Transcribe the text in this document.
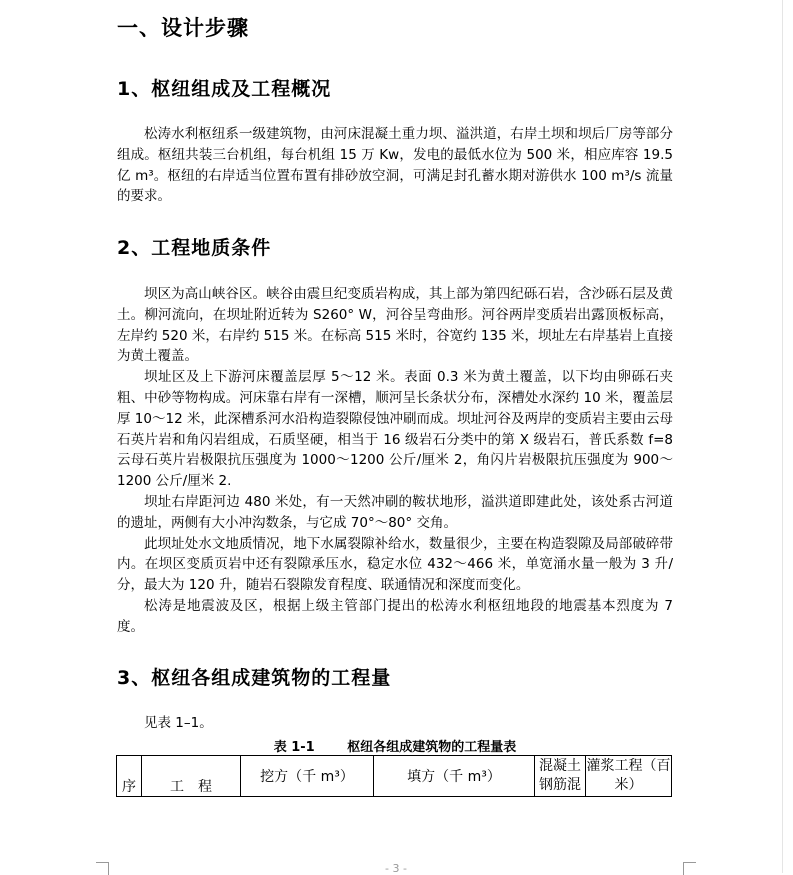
一、设计步骤
1、枢纽组成及工程概况

松涛水利枢纽系一级建筑物，由河床混凝土重力坝、溢洪道，右岸土坝和坝后厂房等部分组成。枢纽共装三台机组，每台机组 15 万 Kw，发电的最低水位为 500 米，相应库容 19.5 亿 m³。枢纽的右岸适当位置布置有排砂放空洞，可满足封孔蓄水期对游供水 100 m³/s 流量的要求。

2、工程地质条件

坝区为高山峡谷区。峡谷由震旦纪变质岩构成，其上部为第四纪砾石岩，含沙砾石层及黄土。柳河流向，在坝址附近转为 S260° W，河谷呈弯曲形。河谷两岸变质岩出露顶板标高，左岸约 520 米，右岸约 515 米。在标高 515 米时，谷宽约 135 米，坝址左右岸基岩上直接为黄土覆盖。

坝址区及上下游河床覆盖层厚 5～12 米。表面 0.3 米为黄土覆盖，以下均由卵砾石夹粗、中砂等物构成。河床靠右岸有一深槽，顺河呈长条状分布，深槽处水深约 10 米，覆盖层厚 10～12 米，此深槽系河水沿构造裂隙侵蚀冲刷而成。坝址河谷及两岸的变质岩主要由云母石英片岩和角闪岩组成，石质坚硬，相当于 16 级岩石分类中的第 X 级岩石，普氏系数 f=8 云母石英片岩极限抗压强度为 1000～1200 公斤/厘米 2，角闪片岩极限抗压强度为 900～1200 公斤/厘米 2.

坝址右岸距河边 480 米处，有一天然冲刷的鞍状地形，溢洪道即建此处，该处系古河道的遗址，两侧有大小冲沟数条，与它成 70°～80° 交角。

此坝址处水文地质情况，地下水属裂隙补给水，数量很少，主要在构造裂隙及局部破碎带内。在坝区变质页岩中还有裂隙承压水，稳定水位 432～466 米，单宽涌水量一般为 3 升/分，最大为 120 升，随岩石裂隙发育程度、联通情况和深度而变化。

松涛是地震波及区，根据上级主管部门提出的松涛水利枢纽地段的地震基本烈度为 7 度。

3、枢纽各组成建筑物的工程量

见表 1–1。

表 1-1	枢纽各组成建筑物的工程量表
序	工　程	挖方（千 m³）	填方（千 m³）	混凝土 钢筋混	灌浆工程（百米）
- 3 -
